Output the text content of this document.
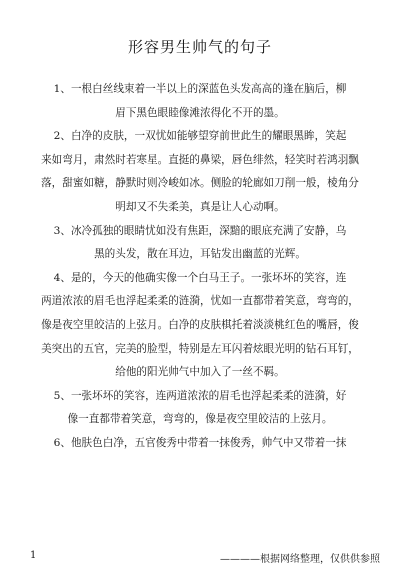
形容男生帅气的句子

1、一根白丝线束着一半以上的深蓝色头发高高的逢在脑后，柳

眉下黑色眼睦像滩浓得化不开的墨。

2、白净的皮肤，一双忧如能够望穿前世此生的耀眼黑眸，笑起

来如弯月，肃然时若寒星。直挺的鼻梁，唇色绯然，轻笑时若鸿羽飘

落，甜蜜如糖，静默时则冷峻如冰。侧脸的轮廊如刀削一般，棱角分

明却又不失柔美，真是让人心动啊。

3、冰冷孤独的眼睛忧如没有焦距，深黯的眼底充满了安静，乌

黑的头发，散在耳边，耳钻发出幽蓝的光辉。

4、是的，今天的他确实像一个白马王子。一张坏坏的笑容，连

两道浓浓的眉毛也浮起柔柔的涟漪，忧如一直都带着笑意，弯弯的，

像是夜空里皎洁的上弦月。白净的皮肤棋托着淡淡桃红色的嘴唇，俊

美突出的五官，完美的脸型，特别是左耳闪着炫眼光明的钻石耳钉，

给他的阳光帅气中加入了一丝不羁。

5、一张坏坏的笑容，连两道浓浓的眉毛也浮起柔柔的涟漪，好

像一直都带着笑意，弯弯的，像是夜空里皎洁的上弦月。

6、他肤色白净，五官俊秀中带着一抹俊秀，帅气中又带着一抹

1	————根据网络整理，仅供供参照
